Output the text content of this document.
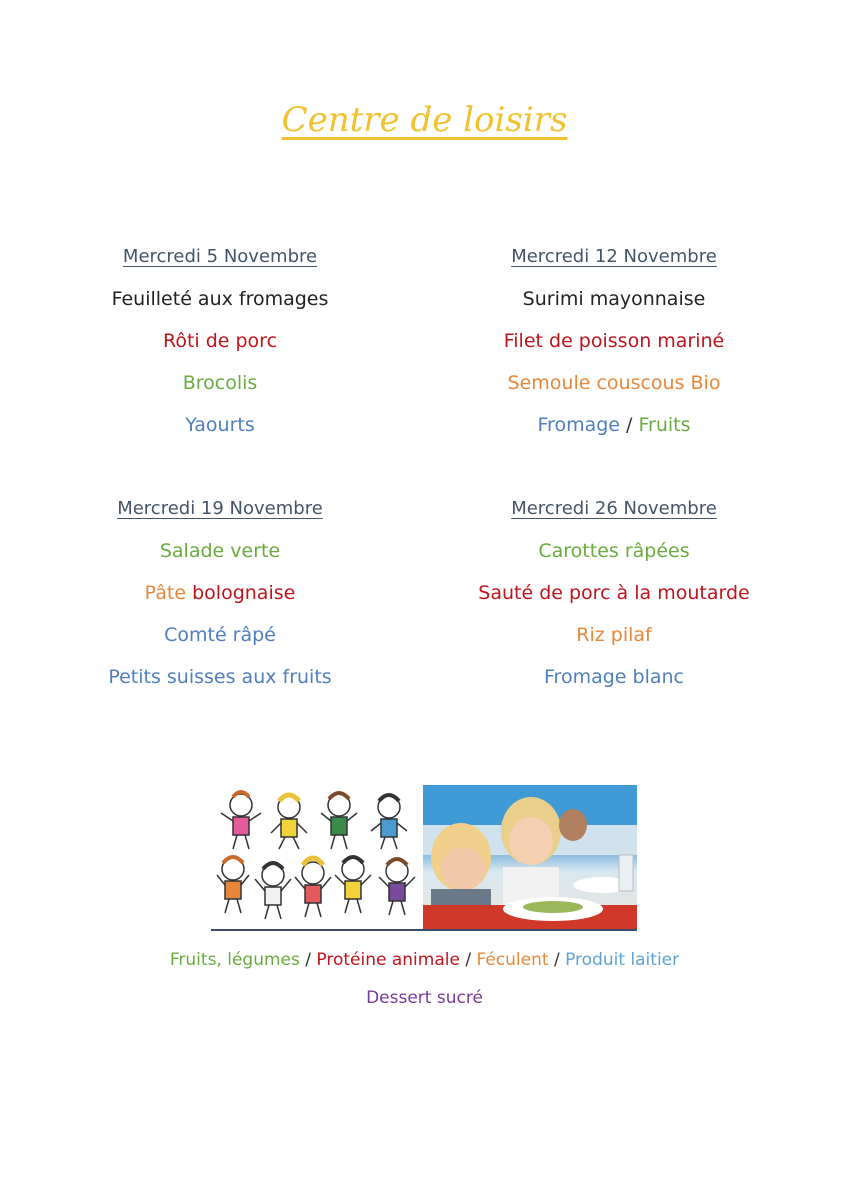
Centre de loisirs
Mercredi 5 Novembre
Feuilleté aux fromages
Rôti de porc
Brocolis
Yaourts
Mercredi 12 Novembre
Surimi mayonnaise
Filet de poisson mariné
Semoule couscous Bio
Fromage / Fruits
Mercredi 19 Novembre
Salade verte
Pâte bolognaise
Comté râpé
Petits suisses aux fruits
Mercredi 26 Novembre
Carottes râpées
Sauté de porc à la moutarde
Riz pilaf
Fromage blanc
Fruits, légumes / Protéine animale / Féculent / Produit laitier
Dessert sucré
